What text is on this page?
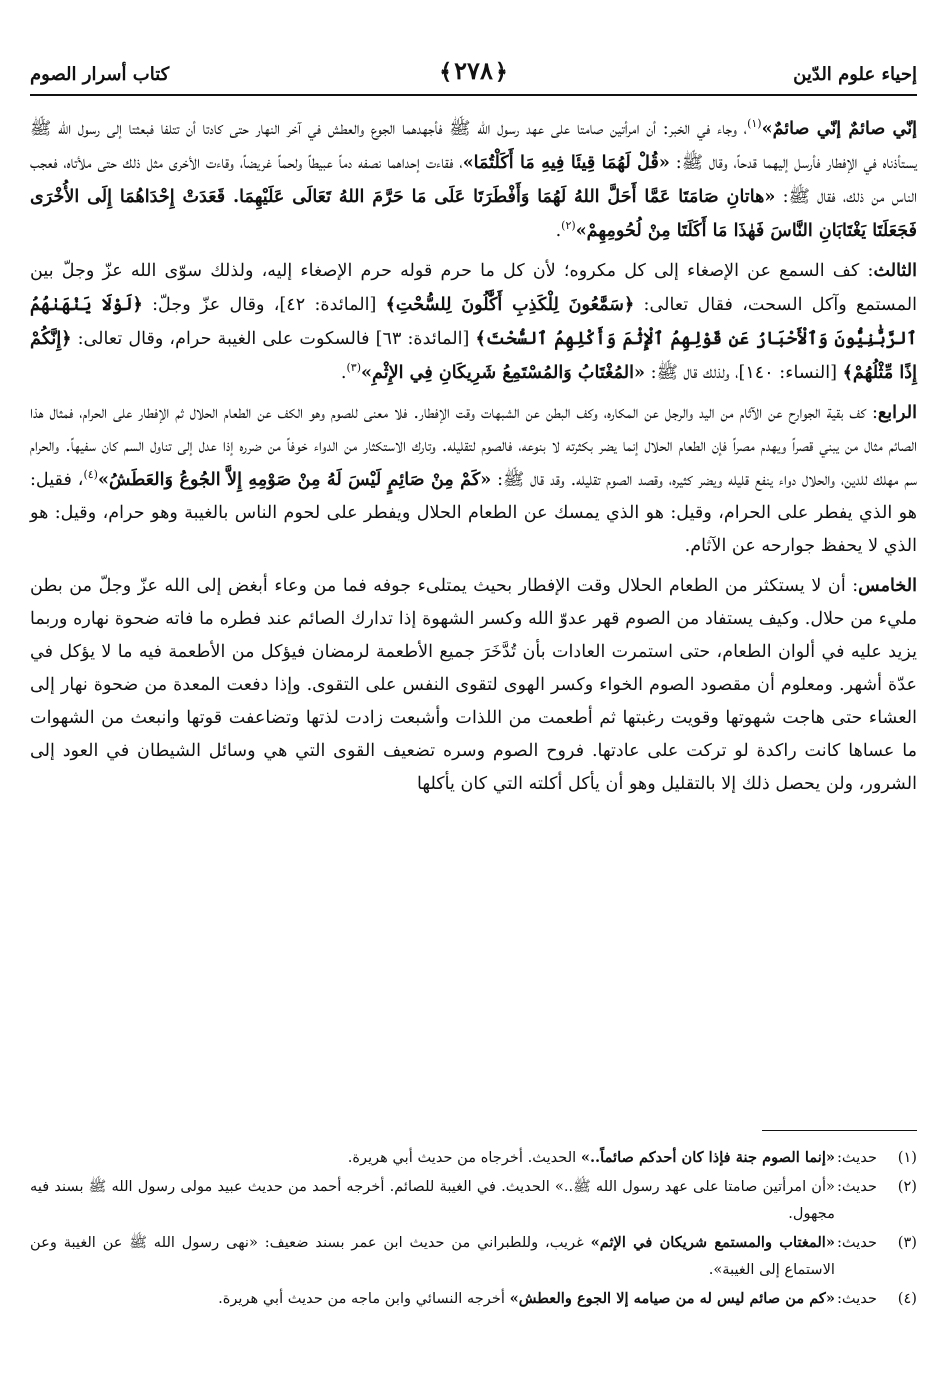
إحياء علوم الدّين
﴿٢٧٨﴾
كتاب أسرار الصوم

إنّي صائمٌ إنّي صائمٌ»$^{(١)}$، وجاء في الخبر: أن امرأتين صامتا على عهد رسول الله ﷺ فأجهدهما الجوع والعطش في آخر النهار حتى كادتا أن تتلفا فبعثتا إلى رسول الله ﷺ يستأذناه في الإفطار فأرسل إليهما قدحاً، وقال ﷺ: «قُلْ لَهُمَا قِيئَا فِيهِ مَا أَكَلْتُمَا»، فقاءت إحداهما نصفه دماً عبيطاً ولحماً غريضاً، وقاءت الأخرى مثل ذلك حتى ملأتاه، فعجب الناس من ذلك، فقال ﷺ: «هاتانِ صَامَتَا عَمَّا أَحَلَّ اللهُ لَهُمَا وَأَفْطَرَتَا عَلَى مَا حَرَّمَ اللهُ تَعَالَى عَلَيْهِمَا. قَعَدَتْ إِحْدَاهُمَا إِلَى الأُخْرَى فَجَعَلَتَا يَغْتَابَانِ النَّاسَ فَهٰذَا مَا أَكَلَتَا مِنْ لُحُومِهِمْ»$^{(٢)}$.

الثالث: كف السمع عن الإصغاء إلى كل مكروه؛ لأن كل ما حرم قوله حرم الإصغاء إليه، ولذلك سوّى الله عزّ وجلّ بين المستمع وآكل السحت، فقال تعالى: ﴿سَمَّٰعُونَ لِلْكَذِبِ أَكَّٰلُونَ لِلسُّحْتِ﴾ [المائدة: ٤٢]، وقال عزّ وجلّ: ﴿لَوْلَا يَنْهَىٰهُمُ ٱلرَّبَّٰنِيُّونَ وَٱلْأَحْبَارُ عَن قَوْلِهِمُ ٱلْإِثْمَ وَأَكْلِهِمُ ٱلسُّحْتَ﴾ [المائدة: ٦٣] فالسكوت على الغيبة حرام، وقال تعالى: ﴿إِنَّكُمْ إِذًا مِّثْلُهُمْ﴾ [النساء: ١٤٠]، ولذلك قال ﷺ: «المُغْتَابُ وَالمُسْتَمِعُ شَرِيكَانِ فِي الإِثْمِ»$^{(٣)}$.

الرابع: كف بقية الجوارح عن الآثام من اليد والرجل عن المكاره، وكف البطن عن الشبهات وقت الإفطار. فلا معنى للصوم وهو الكف عن الطعام الحلال ثم الإفطار على الحرام، فمثال هذا الصائم مثال من يبني قصراً ويهدم مصراً فإن الطعام الحلال إنما يضر بكثرته لا بنوعه، فالصوم لتقليله. وتارك الاستكثار من الدواء خوفاً من ضرره إذا عدل إلى تناول السم كان سفيهاً. والحرام سم مهلك للدين، والحلال دواء ينفع قليله ويضر كثيره، وقصد الصوم تقليله. وقد قال ﷺ: «كَمْ مِنْ صَائِمٍ لَيْسَ لَهُ مِنْ صَوْمِهِ إِلاَّ الجُوعُ وَالعَطَشُ»$^{(٤)}$، فقيل: هو الذي يفطر على الحرام، وقيل: هو الذي يمسك عن الطعام الحلال ويفطر على لحوم الناس بالغيبة وهو حرام، وقيل: هو الذي لا يحفظ جوارحه عن الآثام.

الخامس: أن لا يستكثر من الطعام الحلال وقت الإفطار بحيث يمتلىء جوفه فما من وعاء أبغض إلى الله عزّ وجلّ من بطن مليء من حلال. وكيف يستفاد من الصوم قهر عدوّ الله وكسر الشهوة إذا تدارك الصائم عند فطره ما فاته ضحوة نهاره وربما يزيد عليه في ألوان الطعام، حتى استمرت العادات بأن تُدَّخَرَ جميع الأطعمة لرمضان فيؤكل من الأطعمة فيه ما لا يؤكل في عدّة أشهر. ومعلوم أن مقصود الصوم الخواء وكسر الهوى لتقوى النفس على التقوى. وإذا دفعت المعدة من ضحوة نهار إلى العشاء حتى هاجت شهوتها وقويت رغبتها ثم أطعمت من اللذات وأشبعت زادت لذتها وتضاعفت قوتها وانبعث من الشهوات ما عساها كانت راكدة لو تركت على عادتها. فروح الصوم وسره تضعيف القوى التي هي وسائل الشيطان في العود إلى الشرور، ولن يحصل ذلك إلا بالتقليل وهو أن يأكل أكلته التي كان يأكلها

(١)
حديث:
«إنما الصوم جنة فإذا كان أحدكم صائماً..» الحديث. أخرجاه من حديث أبي هريرة.
(٢)
حديث:
«أن امرأتين صامتا على عهد رسول الله ﷺ..» الحديث. في الغيبة للصائم. أخرجه أحمد من حديث عبيد مولى رسول الله ﷺ بسند فيه مجهول.
(٣)
حديث:
«المغتاب والمستمع شريكان في الإثم» غريب، وللطبراني من حديث ابن عمر بسند ضعيف: «نهى رسول الله ﷺ عن الغيبة وعن الاستماع إلى الغيبة».
(٤)
حديث:
«كم من صائم ليس له من صيامه إلا الجوع والعطش» أخرجه النسائي وابن ماجه من حديث أبي هريرة.
